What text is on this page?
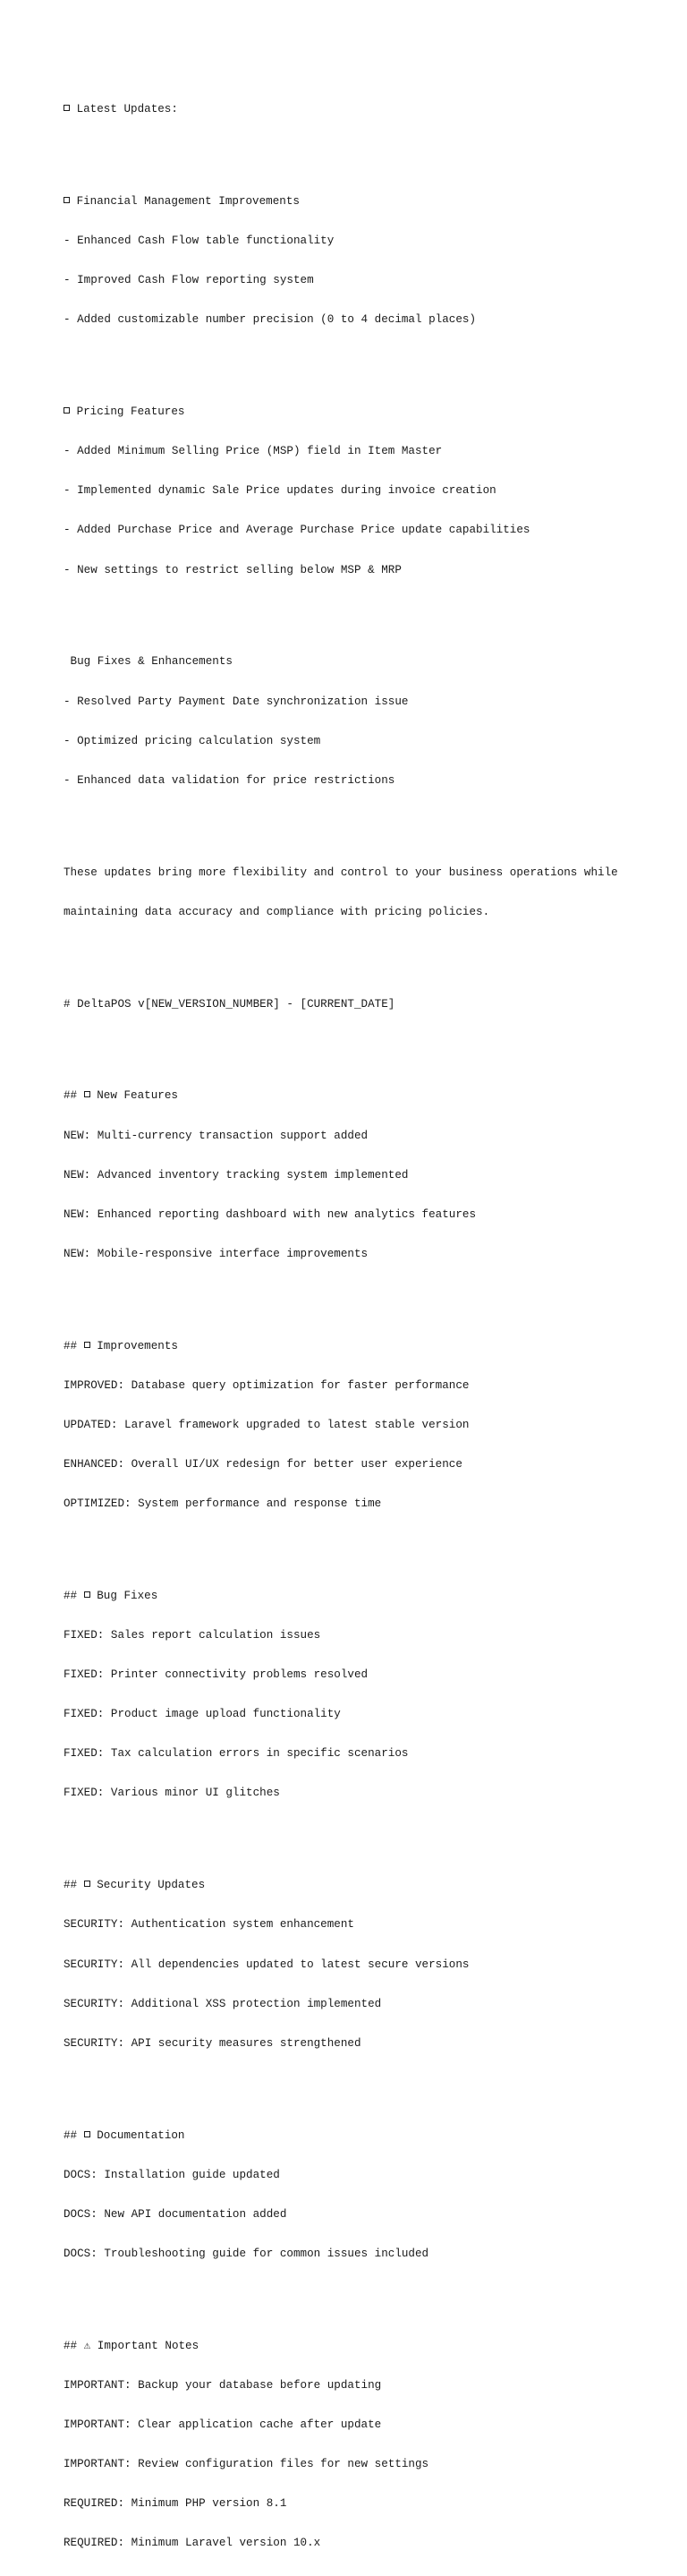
Latest Updates:

Financial Management Improvements

- Enhanced Cash Flow table functionality

- Improved Cash Flow reporting system

- Added customizable number precision (0 to 4 decimal places)

Pricing Features

- Added Minimum Selling Price (MSP) field in Item Master

- Implemented dynamic Sale Price updates during invoice creation

- Added Purchase Price and Average Purchase Price update capabilities

- New settings to restrict selling below MSP & MRP

Bug Fixes & Enhancements

- Resolved Party Payment Date synchronization issue

- Optimized pricing calculation system

- Enhanced data validation for price restrictions

These updates bring more flexibility and control to your business operations while

maintaining data accuracy and compliance with pricing policies.

# DeltaPOS v[NEW_VERSION_NUMBER] - [CURRENT_DATE]

##  New Features

NEW: Multi-currency transaction support added

NEW: Advanced inventory tracking system implemented

NEW: Enhanced reporting dashboard with new analytics features

NEW: Mobile-responsive interface improvements

##  Improvements

IMPROVED: Database query optimization for faster performance

UPDATED: Laravel framework upgraded to latest stable version

ENHANCED: Overall UI/UX redesign for better user experience

OPTIMIZED: System performance and response time

##  Bug Fixes

FIXED: Sales report calculation issues

FIXED: Printer connectivity problems resolved

FIXED: Product image upload functionality

FIXED: Tax calculation errors in specific scenarios

FIXED: Various minor UI glitches

##  Security Updates

SECURITY: Authentication system enhancement

SECURITY: All dependencies updated to latest secure versions

SECURITY: Additional XSS protection implemented

SECURITY: API security measures strengthened

##  Documentation

DOCS: Installation guide updated

DOCS: New API documentation added

DOCS: Troubleshooting guide for common issues included

## ⚠ Important Notes

IMPORTANT: Backup your database before updating

IMPORTANT: Clear application cache after update

IMPORTANT: Review configuration files for new settings

REQUIRED: Minimum PHP version 8.1

REQUIRED: Minimum Laravel version 10.x
